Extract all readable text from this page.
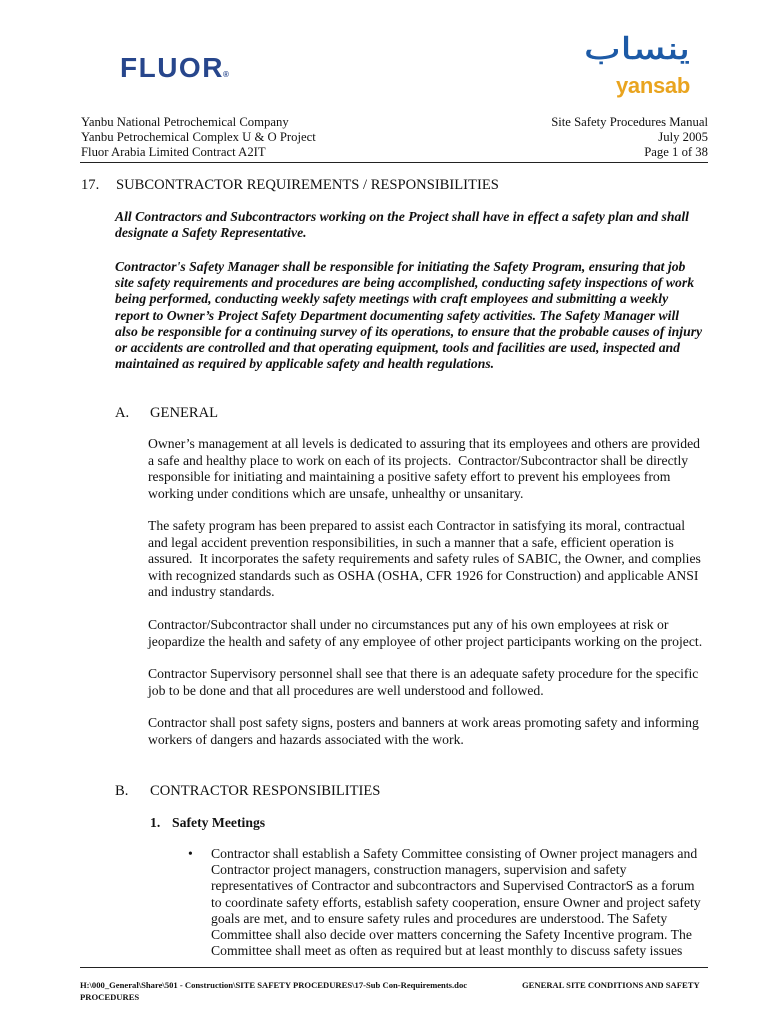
FLUOR®
ينساب
yansab
Yanbu National Petrochemical Company
Yanbu Petrochemical Complex U & O Project
Fluor Arabia Limited Contract A2IT
Site Safety Procedures Manual
July 2005
Page 1 of 38
17. SUBCONTRACTOR REQUIREMENTS / RESPONSIBILITIES
All Contractors and Subcontractors working on the Project shall have in effect a safety plan and shall
designate a Safety Representative.
Contractor's Safety Manager shall be responsible for initiating the Safety Program, ensuring that job
site safety requirements and procedures are being accomplished, conducting safety inspections of work
being performed, conducting weekly safety meetings with craft employees and submitting a weekly
report to Owner’s Project Safety Department documenting safety activities. The Safety Manager will
also be responsible for a continuing survey of its operations, to ensure that the probable causes of injury
or accidents are controlled and that operating equipment, tools and facilities are used, inspected and
maintained as required by applicable safety and health regulations.
A. GENERAL
Owner’s management at all levels is dedicated to assuring that its employees and others are provided
a safe and healthy place to work on each of its projects.  Contractor/Subcontractor shall be directly
responsible for initiating and maintaining a positive safety effort to prevent his employees from
working under conditions which are unsafe, unhealthy or unsanitary.
The safety program has been prepared to assist each Contractor in satisfying its moral, contractual
and legal accident prevention responsibilities, in such a manner that a safe, efficient operation is
assured.  It incorporates the safety requirements and safety rules of SABIC, the Owner, and complies
with recognized standards such as OSHA (OSHA, CFR 1926 for Construction) and applicable ANSI
and industry standards.
Contractor/Subcontractor shall under no circumstances put any of his own employees at risk or
jeopardize the health and safety of any employee of other project participants working on the project.
Contractor Supervisory personnel shall see that there is an adequate safety procedure for the specific
job to be done and that all procedures are well understood and followed.
Contractor shall post safety signs, posters and banners at work areas promoting safety and informing
workers of dangers and hazards associated with the work.
B. CONTRACTOR RESPONSIBILITIES
1. Safety Meetings
• Contractor shall establish a Safety Committee consisting of Owner project managers and
Contractor project managers, construction managers, supervision and safety
representatives of Contractor and subcontractors and Supervised ContractorS as a forum
to coordinate safety efforts, establish safety cooperation, ensure Owner and project safety
goals are met, and to ensure safety rules and procedures are understood. The Safety
Committee shall also decide over matters concerning the Safety Incentive program. The
Committee shall meet as often as required but at least monthly to discuss safety issues
H:\000_General\Share\501 - Construction\SITE SAFETY PROCEDURES\17-Sub Con-Requirements.doc	GENERAL SITE CONDITIONS AND SAFETY
PROCEDURES
